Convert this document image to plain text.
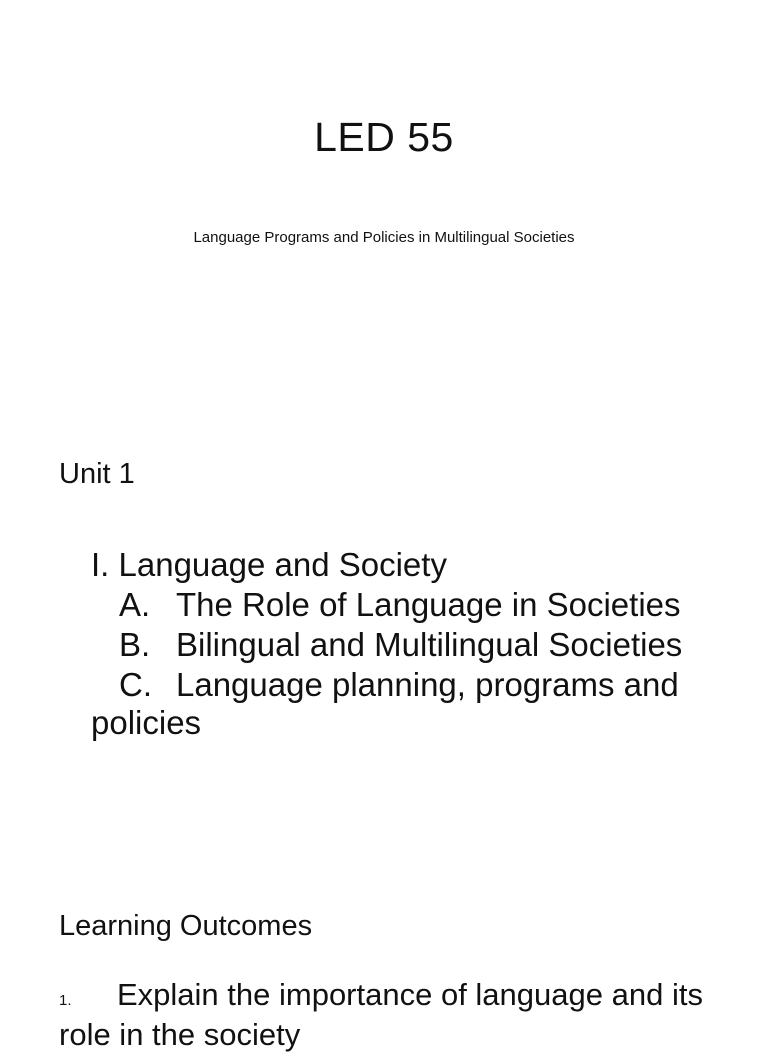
LED 55
Language Programs and Policies in Multilingual Societies
Unit 1
I. Language and Society
A. The Role of Language in Societies
B. Bilingual and Multilingual Societies
C. Language planning, programs and policies
Learning Outcomes
1. Explain the importance of language and its role in the society
